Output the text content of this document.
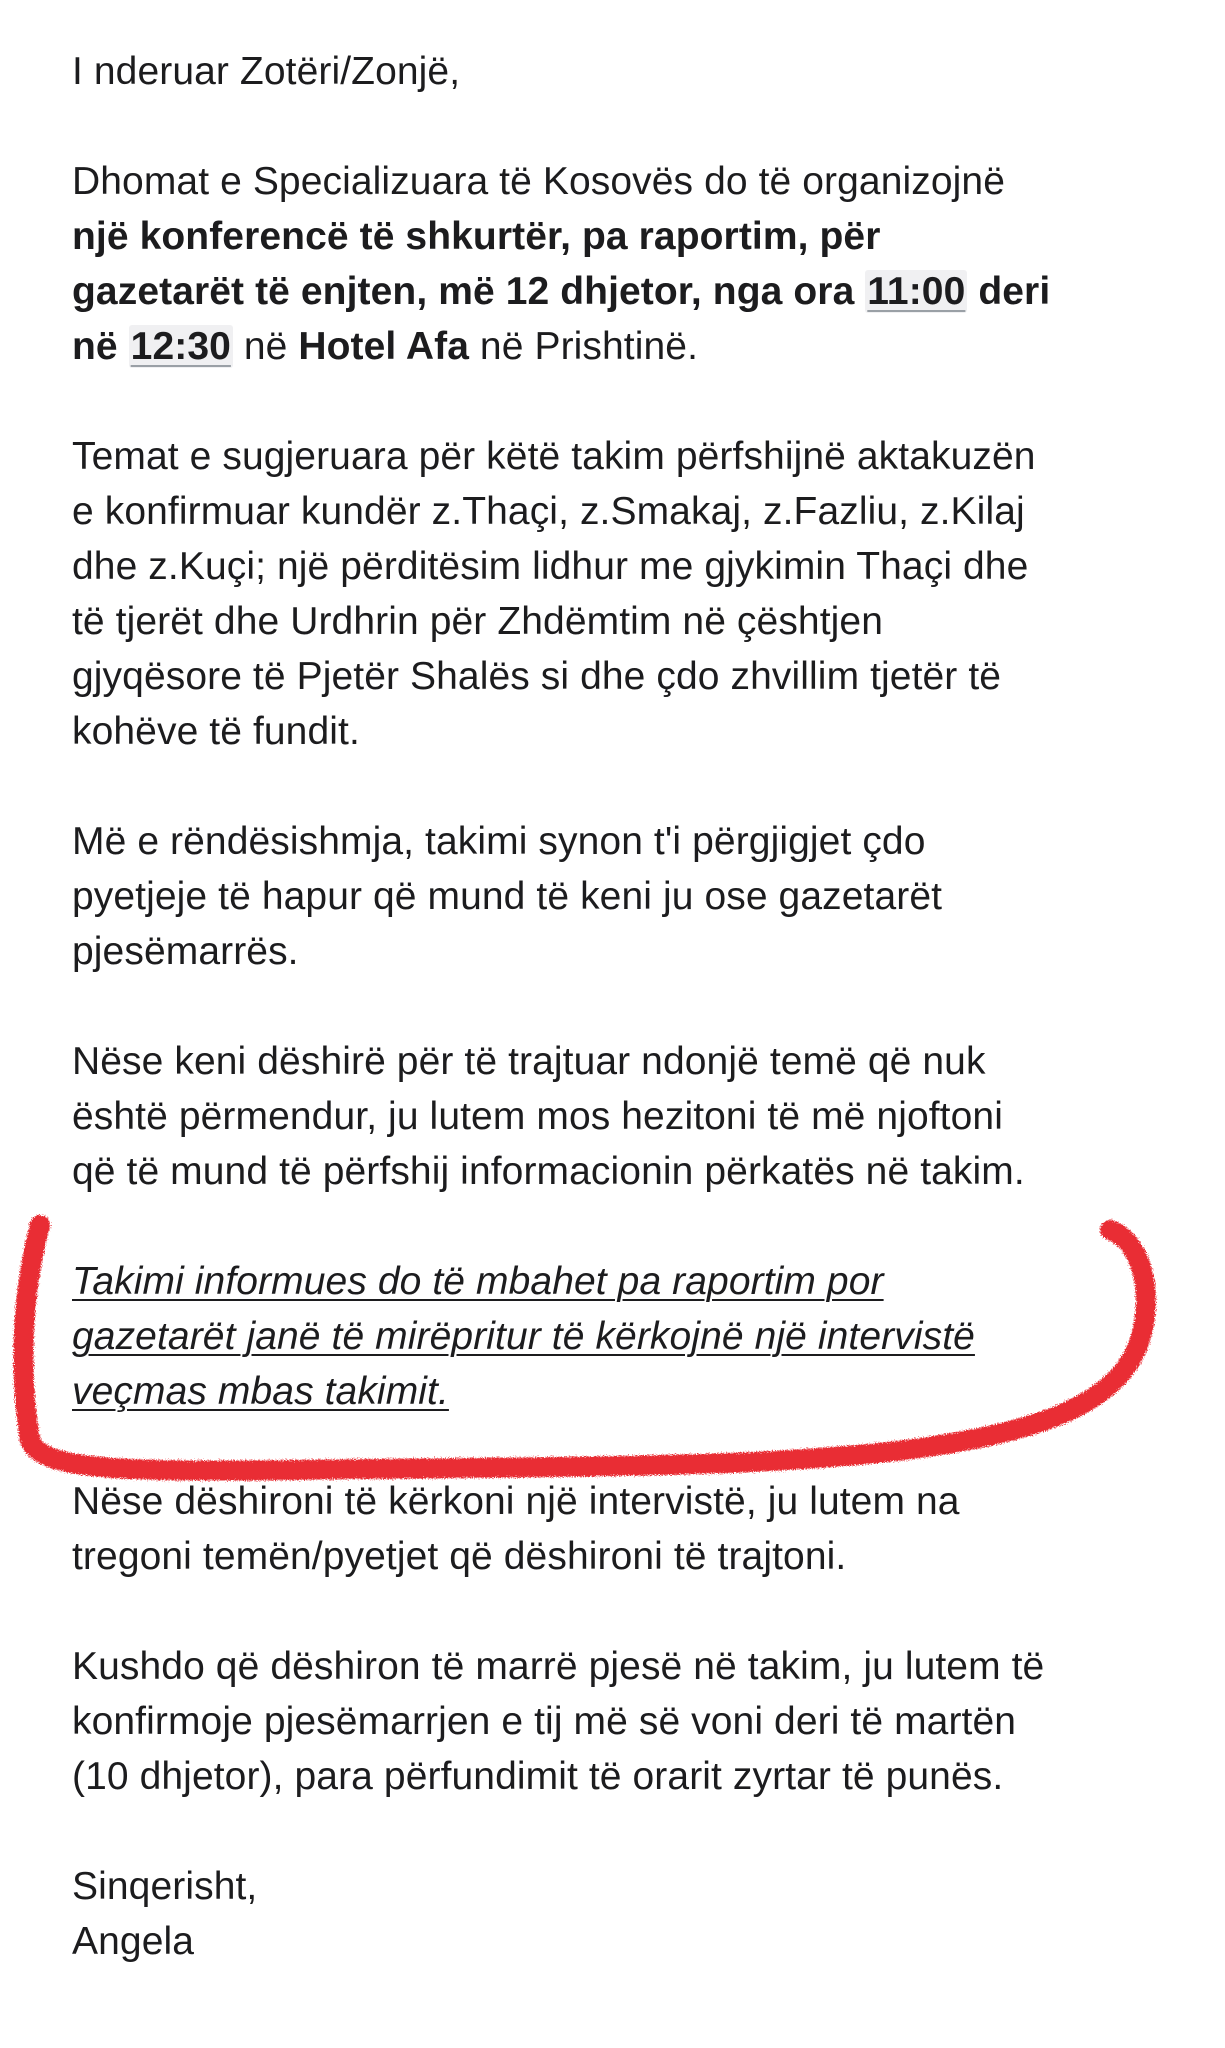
I nderuar Zotëri/Zonjë,

Dhomat e Specializuara të Kosovës do të organizojnë
një konferencë të shkurtër, pa raportim, për
gazetarët të enjten, më 12 dhjetor, nga ora 11:00 deri
në 12:30 në Hotel Afa në Prishtinë.

Temat e sugjeruara për këtë takim përfshijnë aktakuzën
e konfirmuar kundër z.Thaçi, z.Smakaj, z.Fazliu, z.Kilaj
dhe z.Kuçi; një përditësim lidhur me gjykimin Thaçi dhe
të tjerët dhe Urdhrin për Zhdëmtim në çështjen
gjyqësore të Pjetër Shalës si dhe çdo zhvillim tjetër të
kohëve të fundit.

Më e rëndësishmja, takimi synon t'i përgjigjet çdo
pyetjeje të hapur që mund të keni ju ose gazetarët
pjesëmarrës.

Nëse keni dëshirë për të trajtuar ndonjë temë që nuk
është përmendur, ju lutem mos hezitoni të më njoftoni
që të mund të përfshij informacionin përkatës në takim.

Takimi informues do të mbahet pa raportim por
gazetarët janë të mirëpritur të kërkojnë një intervistë
veçmas mbas takimit.

Nëse dëshironi të kërkoni një intervistë, ju lutem na
tregoni temën/pyetjet që dëshironi të trajtoni.

Kushdo që dëshiron të marrë pjesë në takim, ju lutem të
konfirmoje pjesëmarrjen e tij më së voni deri të martën
(10 dhjetor), para përfundimit të orarit zyrtar të punës.

Sinqerisht,
Angela
